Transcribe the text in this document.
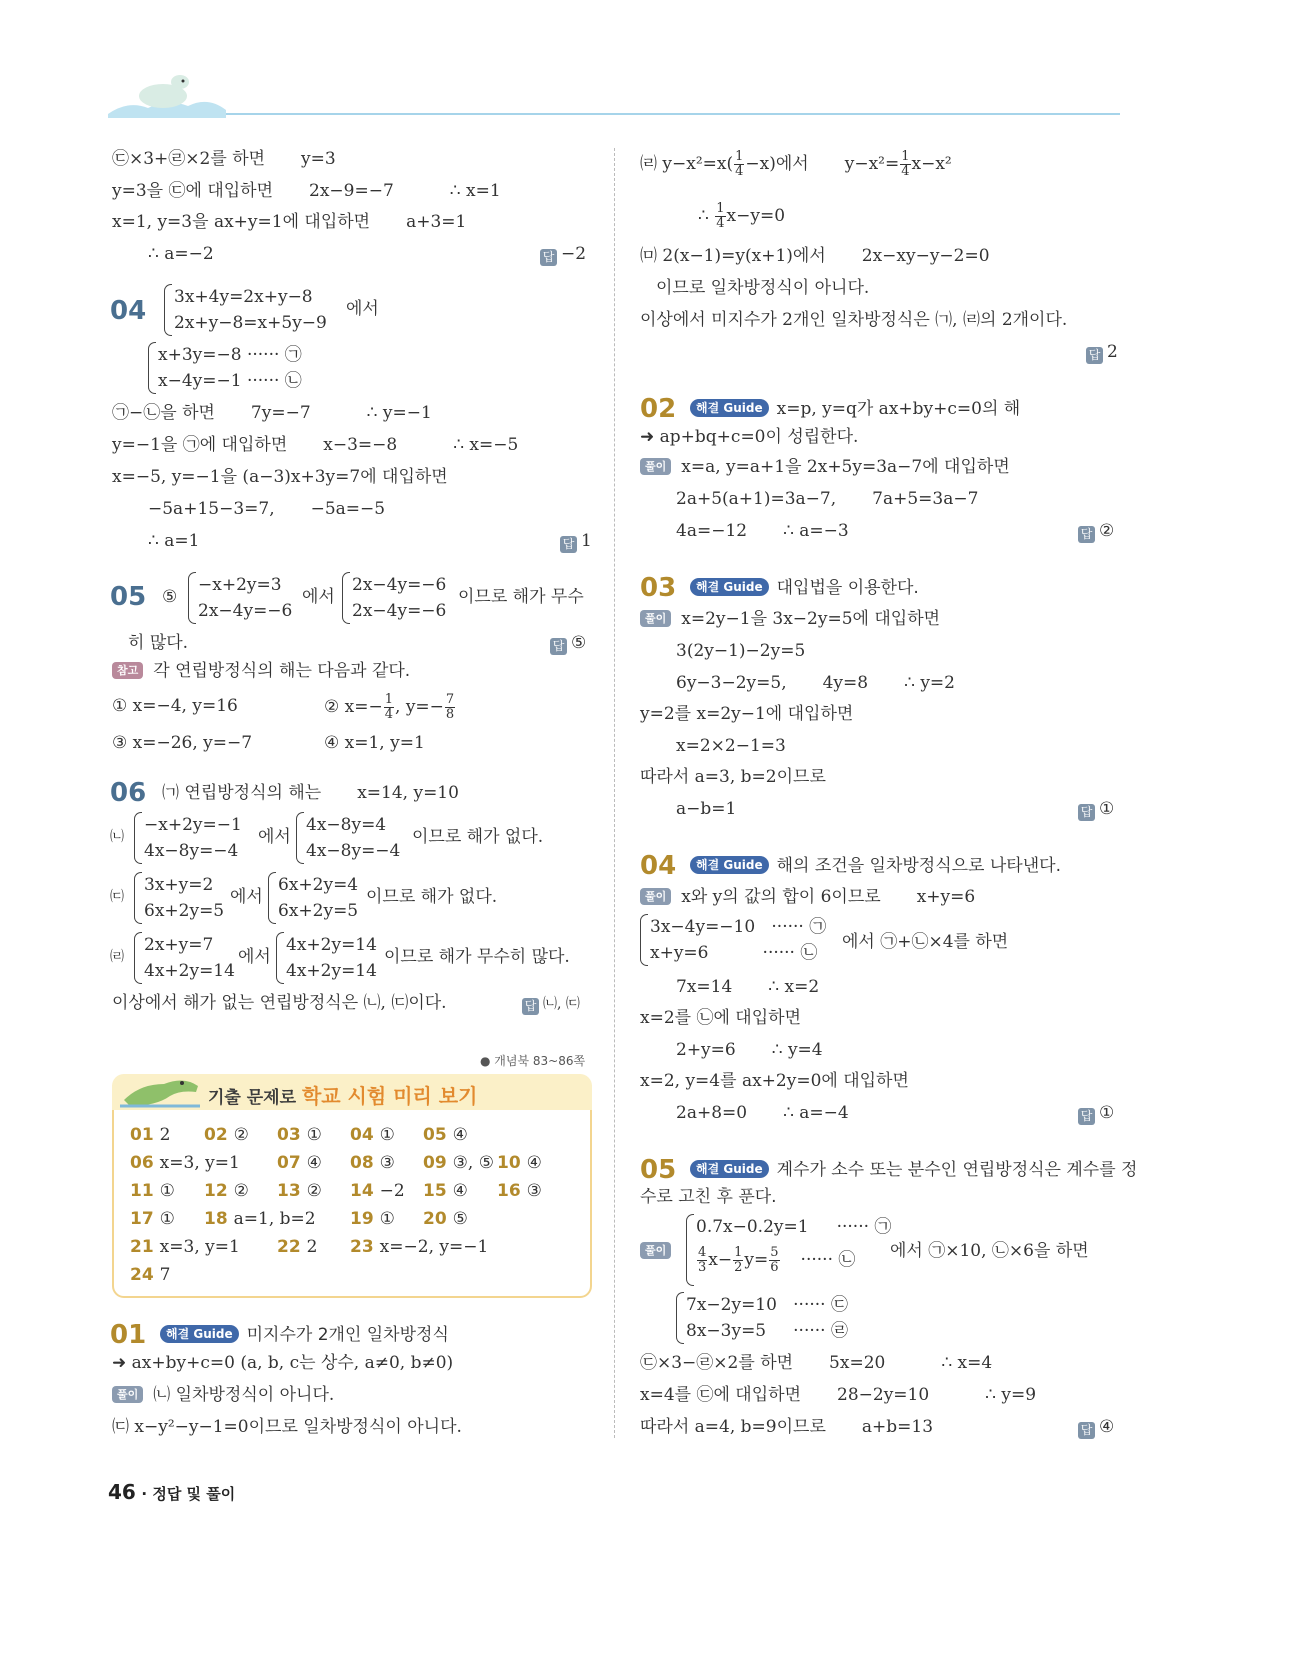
㉢×3+㉣×2를 하면 y=3
y=3을 ㉢에 대입하면 2x−9=−7	∴ x=1
x=1, y=3을 ax+y=1에 대입하면 a+3=1
∴ a=−2	답 −2
04 3x+4y=2x+y−8
2x+y−8=x+5y−9
에서
x+3y=−8 ······ ㉠
x−4y=−1 ······ ㉡
㉠−㉡을 하면 7y=−7	∴ y=−1
y=−1을 ㉠에 대입하면 x−3=−8	∴ x=−5
x=−5, y=−1을 (a−3)x+3y=7에 대입하면
−5a+15−3=7, −5a=−5
∴ a=1	답 1
05 ⑤
−x+2y=3
2x−4y=−6
에서
2x−4y=−6
2x−4y=−6
이므로 해가 무수
히 많다.	답 ⑤
참고 각 연립방정식의 해는 다음과 같다.
① x=−4, y=16	② $x=- \frac{1}{4}$ , $y=- \frac{7}{8}$
③ x=−26, y=−7	④ x=1, y=1
06 ㈀ 연립방정식의 해는 x=14, y=10
㈁
−x+2y=−1
4x−8y=−4
에서
4x−8y=4
4x−8y=−4
이므로 해가 없다.
㈂
3x+y=2
6x+2y=5
에서
6x+2y=4
6x+2y=5
이므로 해가 없다.
㈃
2x+y=7
4x+2y=14
에서
4x+2y=14
4x+2y=14
이므로 해가 무수히 많다.
이상에서 해가 없는 연립방정식은 ㈁, ㈂이다.	답 ㈁, ㈂
● 개념북 83~86쪽
기출 문제로 학교 시험 미리 보기
01 2 02 ② 03 ① 04 ① 05 ④
06 x=3, y=1 07 ④ 08 ③ 09 ③, ⑤ 10 ④
11 ① 12 ② 13 ② 14 −2 15 ④ 16 ③
17 ① 18 a=1, b=2 19 ① 20 ⑤
21 x=3, y=1 22 2 23 x=−2, y=−1
24 7
01	해결 Guide 미지수가 2개인 일차방정식
➜ ax+by+c=0 (a, b, c는 상수, a≠0, b≠0)
풀이 ㈁ 일차방정식이 아니다.
㈂ x−y²−y−1=0이므로 일차방정식이 아니다.
㈃ $y-x^2=x( \frac{1}{4} -x)$에서 $y-x^2= \frac{1}{4} x-x^2$
∴ $\frac{1}{4} x-y=0$
㈄ 2(x−1)=y(x+1)에서 2x−xy−y−2=0
이므로 일차방정식이 아니다.
이상에서 미지수가 2개인 일차방정식은 ㈀, ㈃의 2개이다.
답 2
02	해결 Guide x=p, y=q가 ax+by+c=0의 해
➜ ap+bq+c=0이 성립한다.
풀이 x=a, y=a+1을 2x+5y=3a−7에 대입하면
2a+5(a+1)=3a−7, 7a+5=3a−7
4a=−12 ∴ a=−3	답 ②
03	해결 Guide 대입법을 이용한다.
풀이 x=2y−1을 3x−2y=5에 대입하면
3(2y−1)−2y=5
6y−3−2y=5, 4y=8 ∴ y=2
y=2를 x=2y−1에 대입하면
x=2×2−1=3
따라서 a=3, b=2이므로
a−b=1	답 ①
04	해결 Guide 해의 조건을 일차방정식으로 나타낸다.
풀이 x와 y의 값의 합이 6이므로 x+y=6
3x−4y=−10   ······ ㉠
x+y=6          ······ ㉡
에서 ㉠+㉡×4를 하면
7x=14 ∴ x=2
x=2를 ㉡에 대입하면
2+y=6 ∴ y=4
x=2, y=4를 ax+2y=0에 대입하면
2a+8=0 ∴ a=−4	답 ①
05	해결 Guide 계수가 소수 또는 분수인 연립방정식은 계수를 정
수로 고친 후 푼다.
풀이
0.7x−0.2y=1 ······ ㉠
$\frac{4}{3} x- \frac{1}{2} y= \frac{5}{6}$ ······ ㉡	에서 ㉠×10, ㉡×6을 하면
7x−2y=10   ······ ㉢
8x−3y=5     ······ ㉣
㉢×3−㉣×2를 하면 5x=20	∴ x=4
x=4를 ㉢에 대입하면 28−2y=10	∴ y=9
따라서 a=4, b=9이므로 a+b=13	답 ④
46 · 정답 및 풀이
